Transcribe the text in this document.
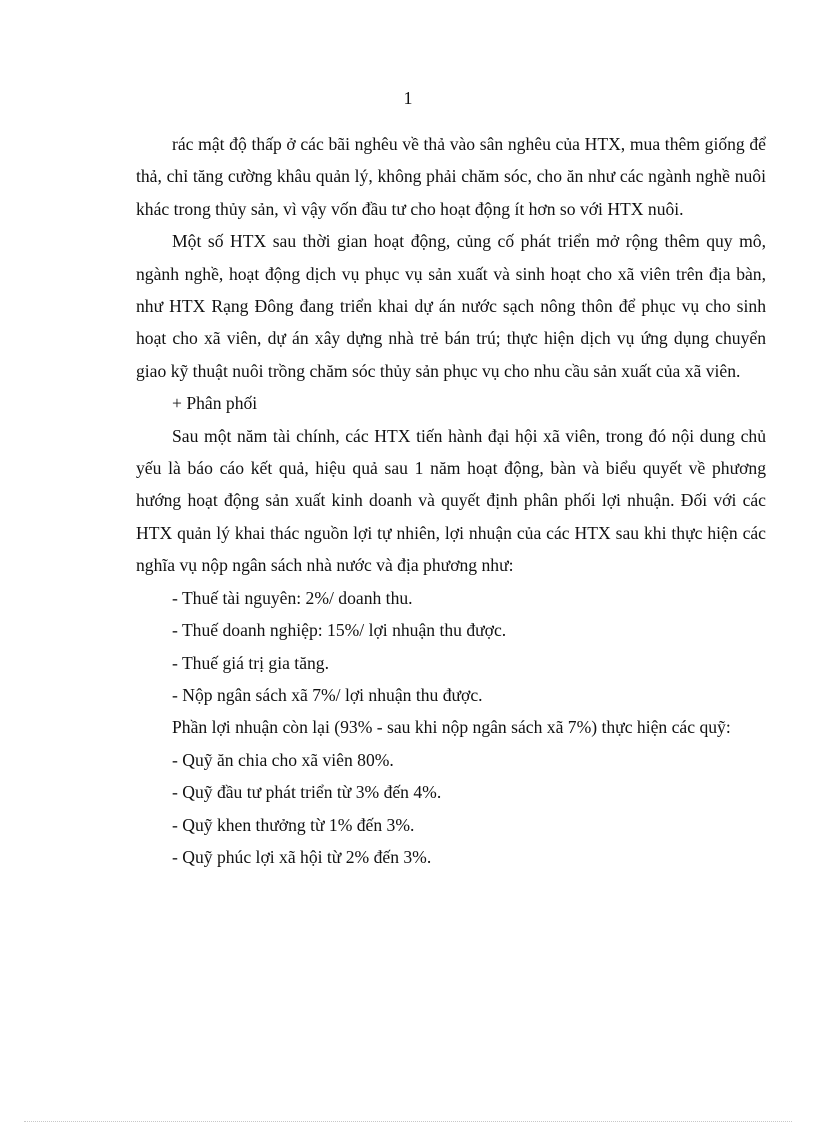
1

rác mật độ thấp ở các bãi nghêu về thả vào sân nghêu của HTX, mua thêm giống để thả, chỉ tăng cường khâu quản lý, không phải chăm sóc, cho ăn như các ngành nghề nuôi khác trong thủy sản, vì vậy vốn đầu tư cho hoạt động ít hơn so với HTX nuôi.

Một số HTX sau thời gian hoạt động, củng cố phát triển mở rộng thêm quy mô, ngành nghề, hoạt động dịch vụ phục vụ sản xuất và sinh hoạt cho xã viên trên địa bàn, như HTX Rạng Đông đang triển khai dự án nước sạch nông thôn để phục vụ cho sinh hoạt cho xã viên, dự án xây dựng nhà trẻ bán trú; thực hiện dịch vụ ứng dụng chuyển giao kỹ thuật nuôi trồng chăm sóc thủy sản phục vụ cho nhu cầu sản xuất của xã viên.

+ Phân phối

Sau một năm tài chính, các HTX tiến hành đại hội xã viên, trong đó nội dung chủ yếu là báo cáo kết quả, hiệu quả sau 1 năm hoạt động, bàn và biểu quyết về phương hướng hoạt động sản xuất kinh doanh và quyết định phân phối lợi nhuận. Đối với các HTX quản lý khai thác nguồn lợi tự nhiên, lợi nhuận của các HTX sau khi thực hiện các nghĩa vụ nộp ngân sách nhà nước và địa phương như:

- Thuế tài nguyên: 2%/ doanh thu.

- Thuế doanh nghiệp: 15%/ lợi nhuận thu được.

- Thuế giá trị gia tăng.

- Nộp ngân sách xã 7%/ lợi nhuận thu được.

Phần lợi nhuận còn lại (93% - sau khi nộp ngân sách xã 7%) thực hiện các quỹ:

- Quỹ ăn chia cho xã viên 80%.

- Quỹ đầu tư phát triển từ 3% đến 4%.

- Quỹ khen thưởng từ 1% đến 3%.

- Quỹ phúc lợi xã hội từ 2% đến 3%.
